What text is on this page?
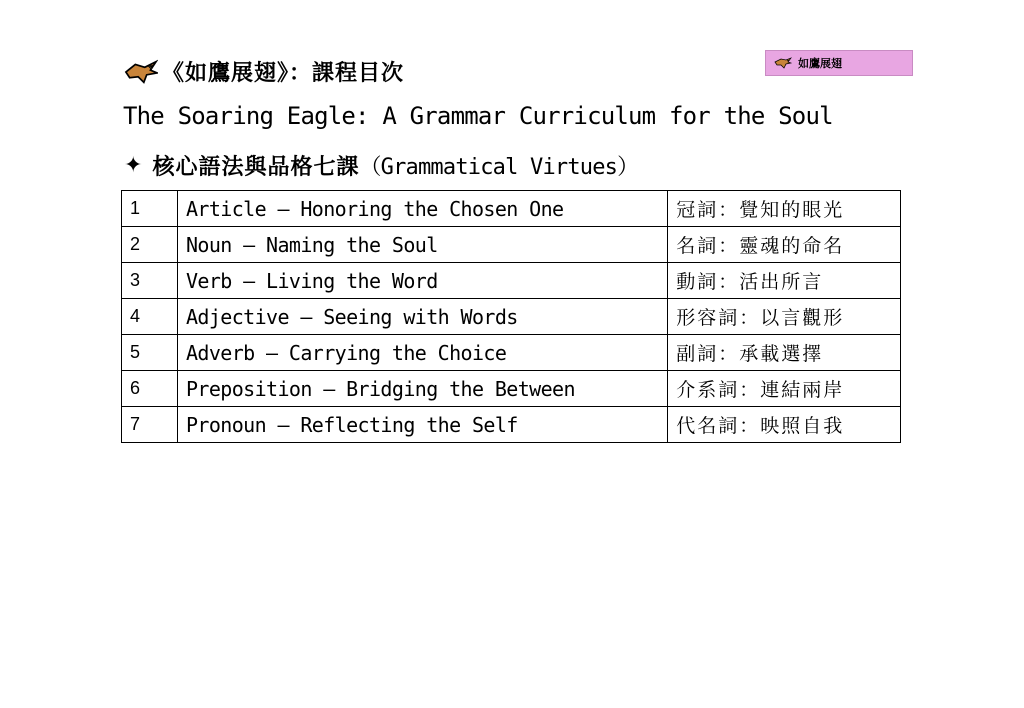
如鷹展翅
《如鷹展翅》：課程目次
The Soaring Eagle: A Grammar Curriculum for the Soul
✦ 核心語法與品格七課 （Grammatical Virtues）
1	Article — Honoring the Chosen One	冠詞：覺知的眼光
2	Noun — Naming the Soul	名詞：靈魂的命名
3	Verb — Living the Word	動詞：活出所言
4	Adjective — Seeing with Words	形容詞：以言觀形
5	Adverb — Carrying the Choice	副詞：承載選擇
6	Preposition — Bridging the Between	介系詞：連結兩岸
7	Pronoun — Reflecting the Self	代名詞：映照自我
